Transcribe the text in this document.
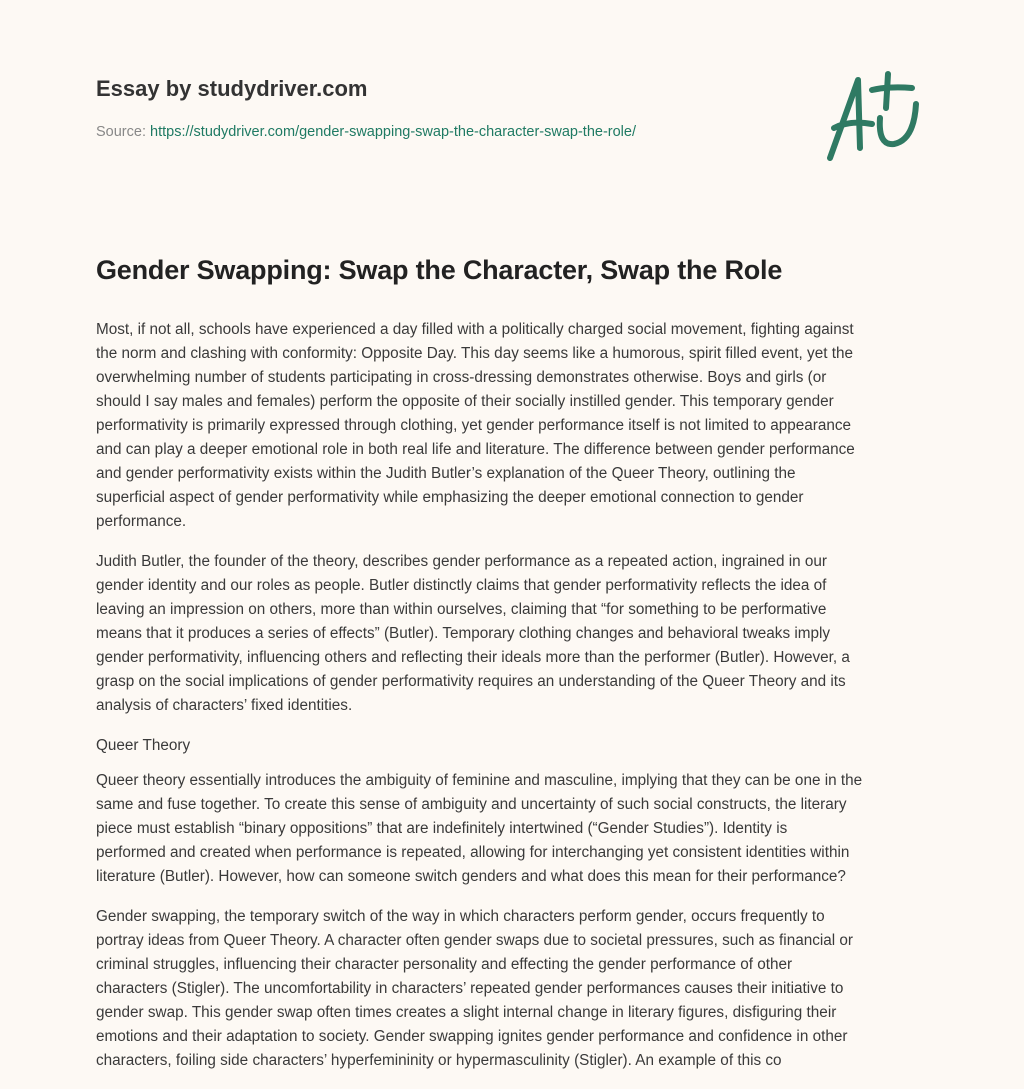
Essay by studydriver.com
Source: https://studydriver.com/gender-swapping-swap-the-character-swap-the-role/
Gender Swapping: Swap the Character, Swap the Role
Most, if not all, schools have experienced a day filled with a politically charged social movement, fighting against
the norm and clashing with conformity: Opposite Day. This day seems like a humorous, spirit filled event, yet the
overwhelming number of students participating in cross-dressing demonstrates otherwise. Boys and girls (or
should I say males and females) perform the opposite of their socially instilled gender. This temporary gender
performativity is primarily expressed through clothing, yet gender performance itself is not limited to appearance
and can play a deeper emotional role in both real life and literature. The difference between gender performance
and gender performativity exists within the Judith Butler’s explanation of the Queer Theory, outlining the
superficial aspect of gender performativity while emphasizing the deeper emotional connection to gender
performance.
Judith Butler, the founder of the theory, describes gender performance as a repeated action, ingrained in our
gender identity and our roles as people. Butler distinctly claims that gender performativity reflects the idea of
leaving an impression on others, more than within ourselves, claiming that “for something to be performative
means that it produces a series of effects” (Butler). Temporary clothing changes and behavioral tweaks imply
gender performativity, influencing others and reflecting their ideals more than the performer (Butler). However, a
grasp on the social implications of gender performativity requires an understanding of the Queer Theory and its
analysis of characters’ fixed identities.
Queer Theory
Queer theory essentially introduces the ambiguity of feminine and masculine, implying that they can be one in the
same and fuse together. To create this sense of ambiguity and uncertainty of such social constructs, the literary
piece must establish “binary oppositions” that are indefinitely intertwined (“Gender Studies”). Identity is
performed and created when performance is repeated, allowing for interchanging yet consistent identities within
literature (Butler). However, how can someone switch genders and what does this mean for their performance?
Gender swapping, the temporary switch of the way in which characters perform gender, occurs frequently to
portray ideas from Queer Theory. A character often gender swaps due to societal pressures, such as financial or
criminal struggles, influencing their character personality and effecting the gender performance of other
characters (Stigler). The uncomfortability in characters’ repeated gender performances causes their initiative to
gender swap. This gender swap often times creates a slight internal change in literary figures, disfiguring their
emotions and their adaptation to society. Gender swapping ignites gender performance and confidence in other
characters, foiling side characters’ hyperfemininity or hypermasculinity (Stigler). An example of this co
